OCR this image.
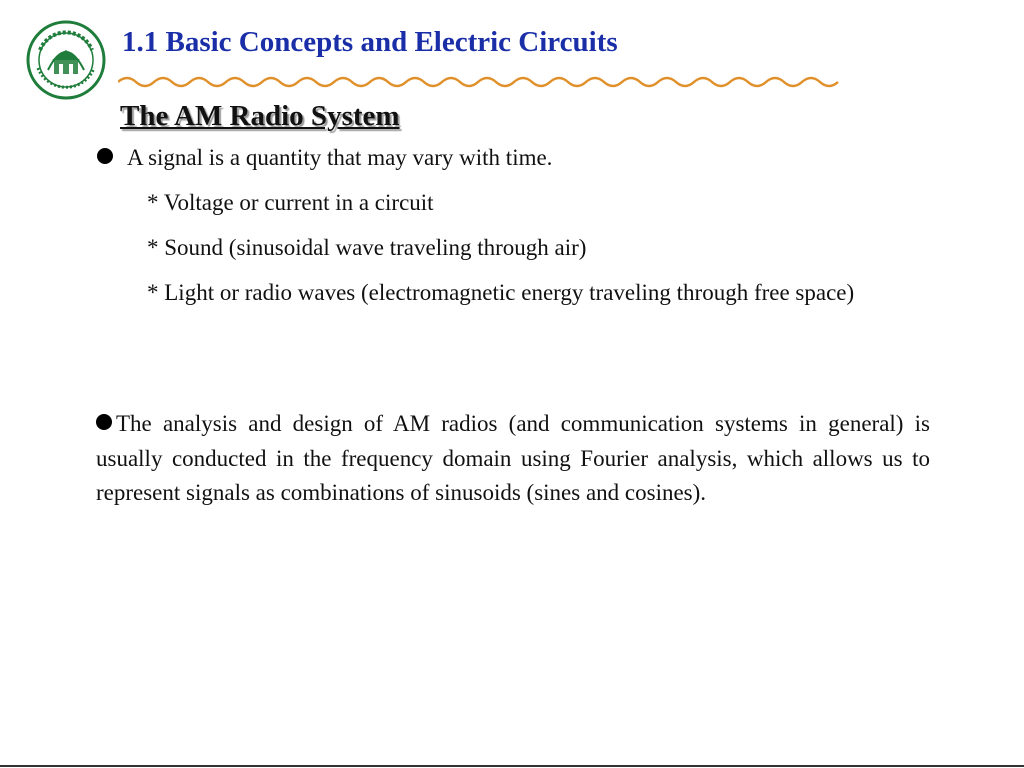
1.1 Basic Concepts and Electric Circuits
The AM Radio System
A signal is a quantity that may vary with time.
* Voltage or current in a circuit
* Sound (sinusoidal wave traveling through air)
* Light or radio waves (electromagnetic energy traveling through free space)
The analysis and design of AM radios (and communication systems in general) is usually conducted in the frequency domain using Fourier analysis, which allows us to represent signals as combinations of sinusoids (sines and cosines).
